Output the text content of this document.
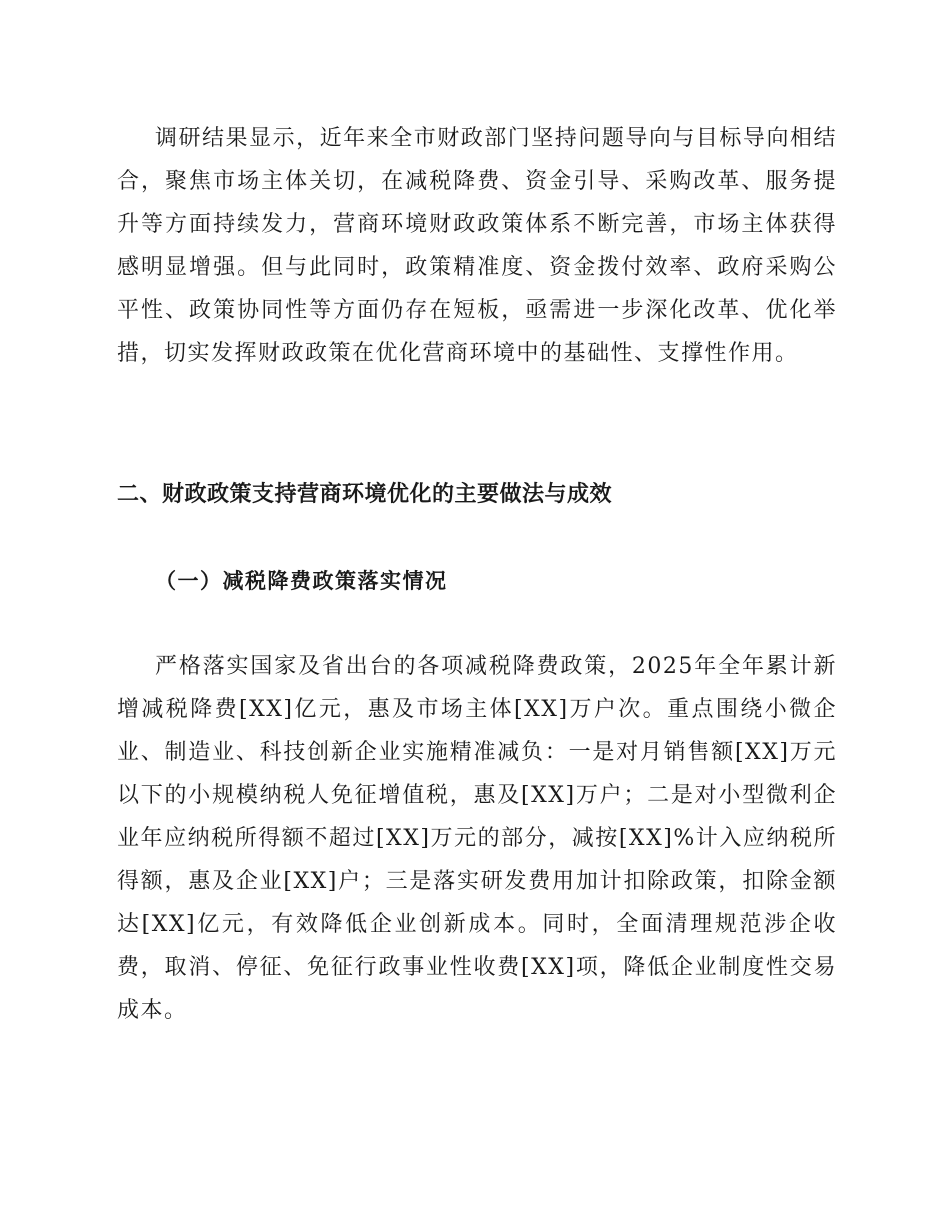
调研结果显示，近年来全市财政部门坚持问题导向与目标导向相结合，聚焦市场主体关切，在减税降费、资金引导、采购改革、服务提升等方面持续发力，营商环境财政政策体系不断完善，市场主体获得感明显增强。但与此同时，政策精准度、资金拨付效率、政府采购公平性、政策协同性等方面仍存在短板，亟需进一步深化改革、优化举措，切实发挥财政政策在优化营商环境中的基础性、支撑性作用。

二、财政政策支持营商环境优化的主要做法与成效
（一）减税降费政策落实情况

严格落实国家及省出台的各项减税降费政策，2025年全年累计新增减税降费[XX]亿元，惠及市场主体[XX]万户次。重点围绕小微企业、制造业、科技创新企业实施精准减负：一是对月销售额[XX]万元以下的小规模纳税人免征增值税，惠及[XX]万户；二是对小型微利企业年应纳税所得额不超过[XX]万元的部分，减按[XX]%计入应纳税所得额，惠及企业[XX]户；三是落实研发费用加计扣除政策，扣除金额达[XX]亿元，有效降低企业创新成本。同时，全面清理规范涉企收费，取消、停征、免征行政事业性收费[XX]项，降低企业制度性交易成本。
